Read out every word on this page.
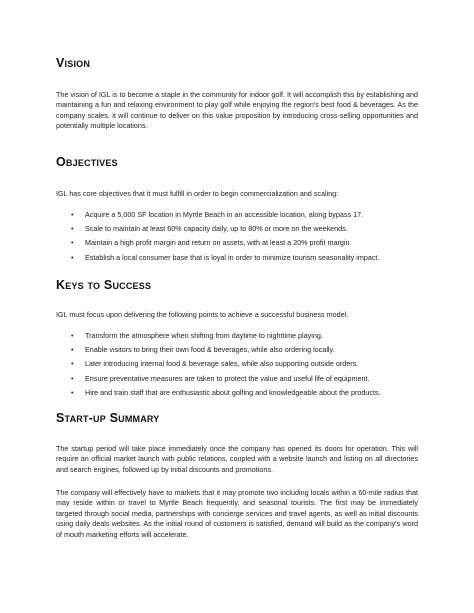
Vision

The vision of IGL is to become a staple in the community for indoor golf. It will accomplish this by establishing and maintaining a fun and relaxing environment to play golf while enjoying the region's best food & beverages. As the company scales, it will continue to deliver on this value proposition by introducing cross-selling opportunities and potentially multiple locations.

Objectives

IGL has core objectives that it must fulfill in order to begin commercialization and scaling:

• Acquire a 5,000 SF location in Myrtle Beach in an accessible location, along bypass 17.
• Scale to maintain at least 60% capacity daily, up to 80% or more on the weekends.
• Maintain a high profit margin and return on assets, with at least a 20% profit margin.
• Establish a local consumer base that is loyal in order to minimize tourism seasonality impact.
Keys to Success

IGL must focus upon delivering the following points to achieve a successful business model.

• Transform the atmosphere when shifting from daytime to nighttime playing.
• Enable visitors to bring their own food & beverages, while also ordering locally.
• Later introducing internal food & beverage sales, while also supporting outside orders.
• Ensure preventative measures are taken to protect the value and useful life of equipment.
• Hire and train staff that are enthusiastic about golfing and knowledgeable about the products.
Start-up Summary

The startup period will take place immediately once the company has opened its doors for operation. This will require an official market launch with public relations, coupled with a website launch and listing on all directories and search engines, followed up by initial discounts and promotions.

The company will effectively have to markets that it may promote two including locals within a 60-mile radius that may reside within or travel to Myrtle Beach frequently, and seasonal tourists. The first may be immediately targeted through social media, partnerships with concierge services and travel agents, as well as initial discounts using daily deals websites. As the initial round of customers is satisfied, demand will build as the company's word of mouth marketing efforts will accelerate.
